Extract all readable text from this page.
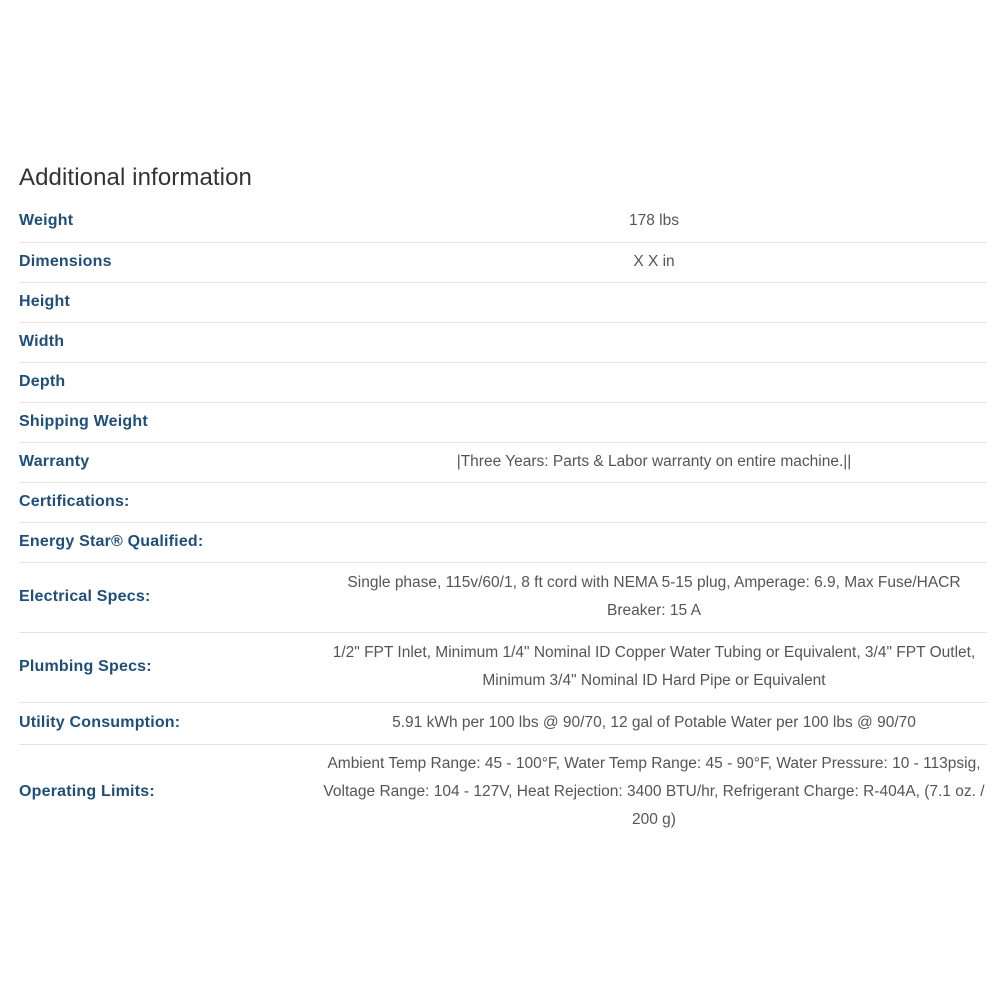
Additional information
Weight	178 lbs
Dimensions	X X in
Height	
Width	
Depth	
Shipping Weight	
Warranty	|Three Years: Parts & Labor warranty on entire machine.||
Certifications:	
Energy Star® Qualified:	
Electrical Specs:	Single phase, 115v/60/1, 8 ft cord with NEMA 5-15 plug, Amperage: 6.9, Max Fuse/HACR Breaker: 15 A
Plumbing Specs:	1/2" FPT Inlet, Minimum 1/4" Nominal ID Copper Water Tubing or Equivalent, 3/4" FPT Outlet, Minimum 3/4" Nominal ID Hard Pipe or Equivalent
Utility Consumption:	5.91 kWh per 100 lbs @ 90/70, 12 gal of Potable Water per 100 lbs @ 90/70
Operating Limits:	Ambient Temp Range: 45 - 100°F, Water Temp Range: 45 - 90°F, Water Pressure: 10 - 113psig, Voltage Range: 104 - 127V, Heat Rejection: 3400 BTU/hr, Refrigerant Charge: R-404A, (7.1 oz. / 200 g)
